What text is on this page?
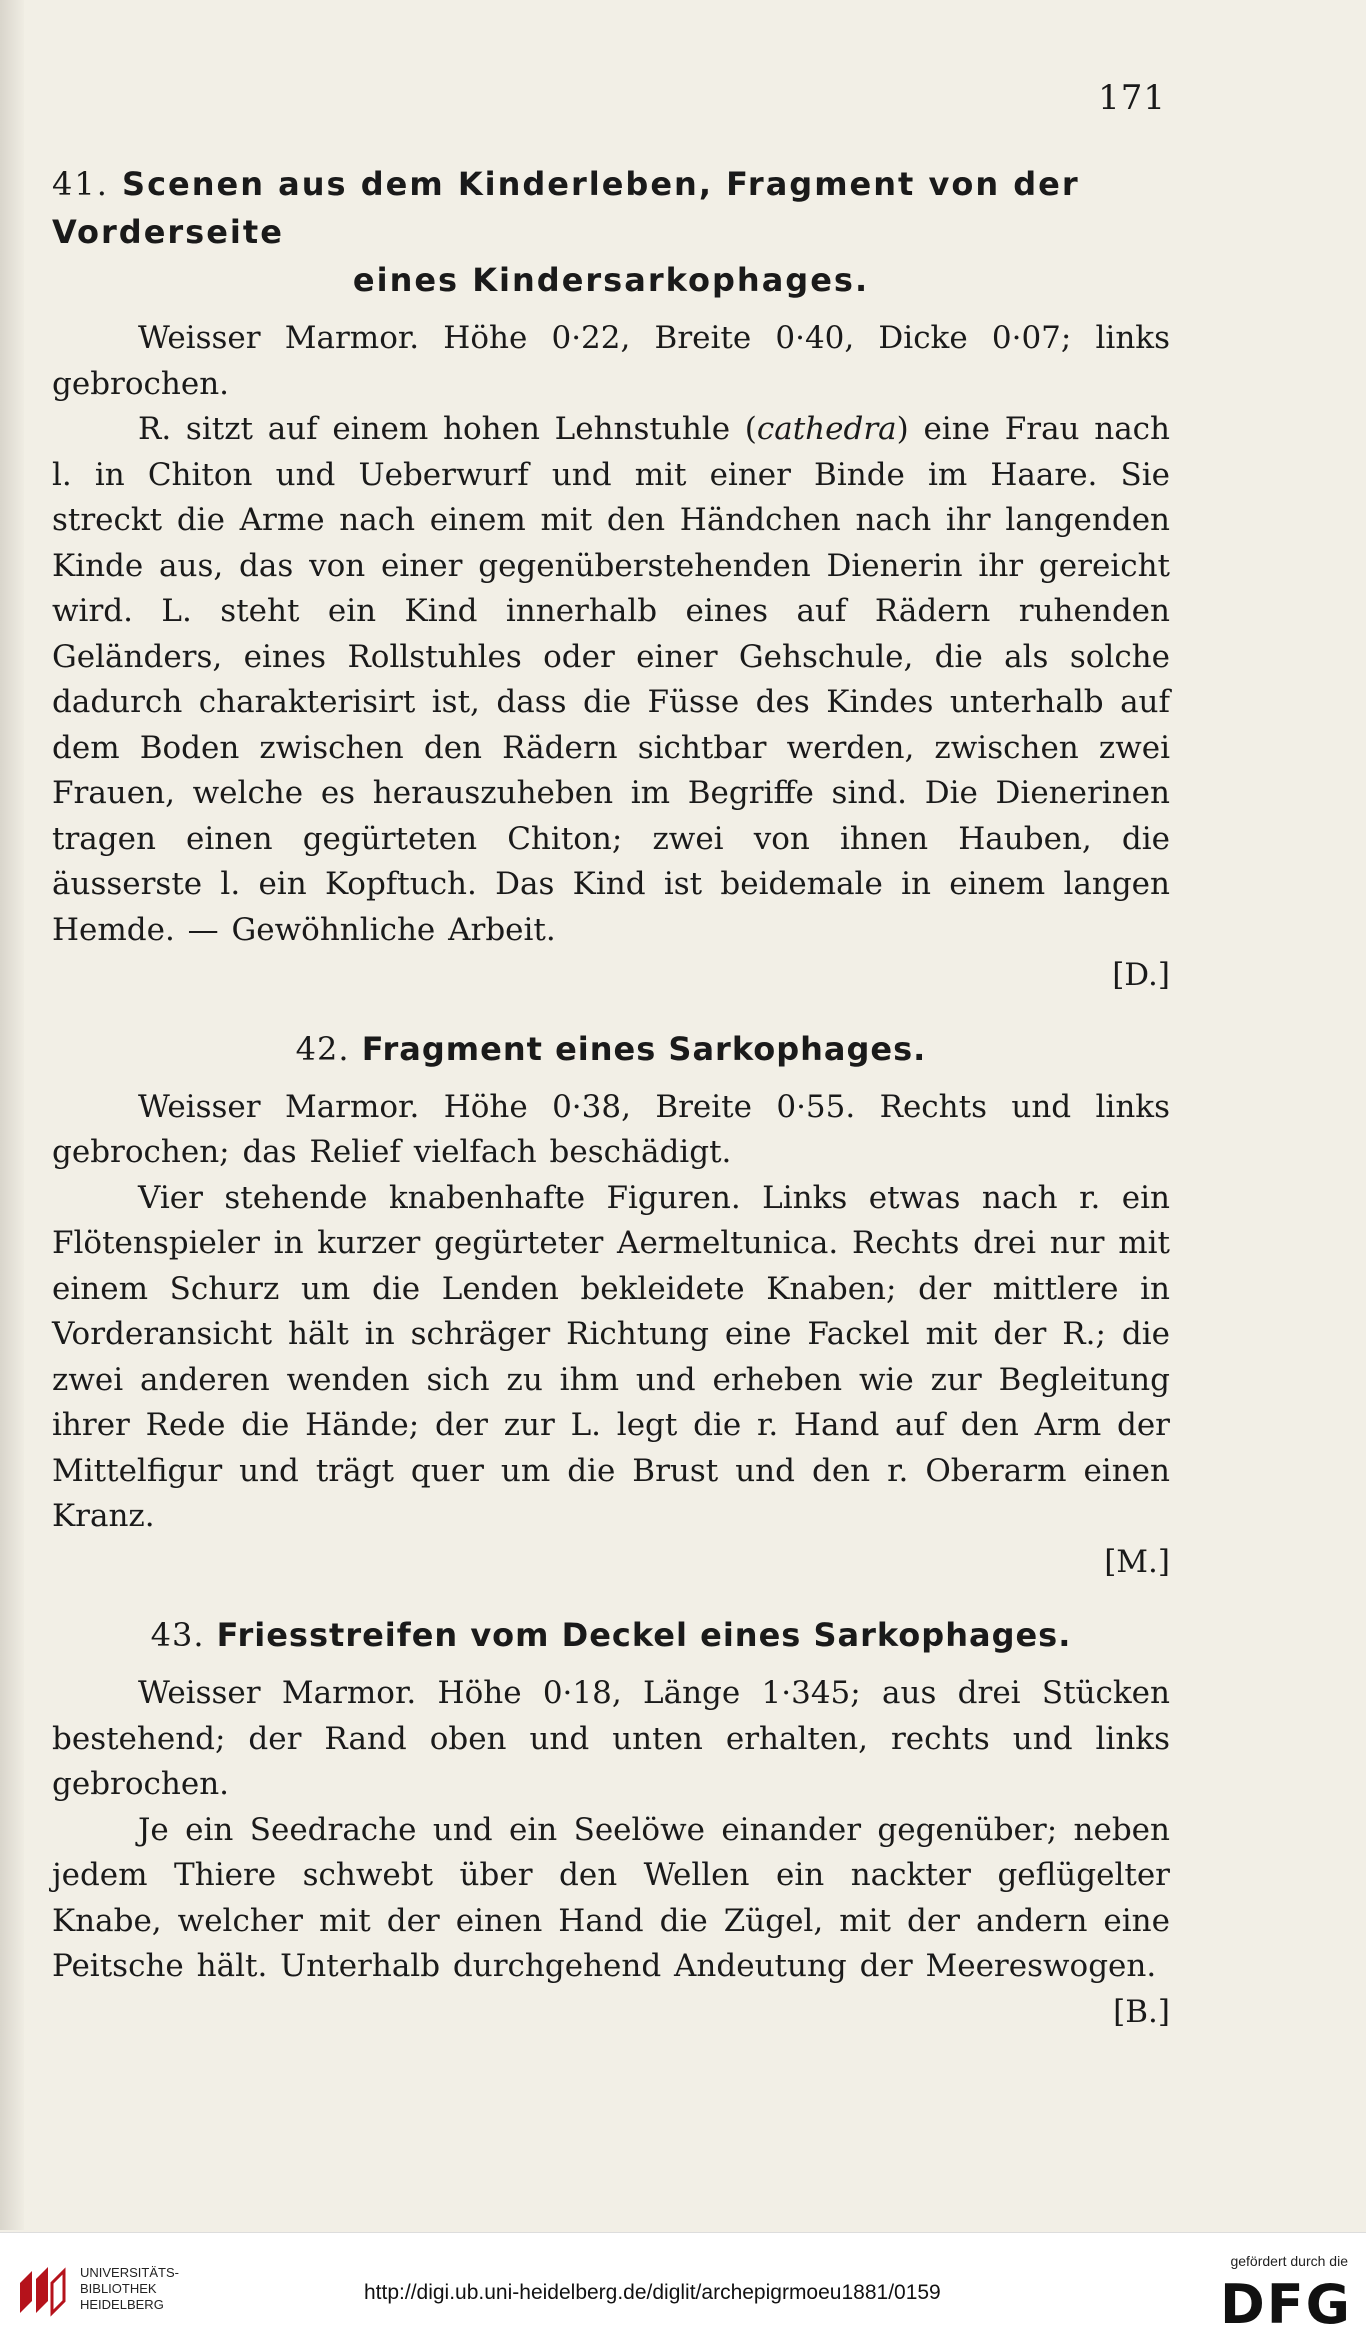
171
41. Scenen aus dem Kinderleben, Fragment von der Vorderseite
eines Kindersarkophages.

Weisser Marmor. Höhe 0·22, Breite 0·40, Dicke 0·07; links gebrochen.

R. sitzt auf einem hohen Lehnstuhle (cathedra) eine Frau nach l. in Chiton und Ueberwurf und mit einer Binde im Haare. Sie streckt die Arme nach einem mit den Händchen nach ihr langenden Kinde aus, das von einer gegenüberstehenden Dienerin ihr gereicht wird. L. steht ein Kind innerhalb eines auf Rädern ruhenden Geländers, eines Rollstuhles oder einer Gehschule, die als solche dadurch charakterisirt ist, dass die Füsse des Kindes unterhalb auf dem Boden zwischen den Rädern sichtbar werden, zwischen zwei Frauen, welche es herauszuheben im Begriffe sind. Die Dienerinen tragen einen gegürteten Chiton; zwei von ihnen Hauben, die äusserste l. ein Kopftuch. Das Kind ist beidemale in einem langen Hemde. — Gewöhnliche Arbeit.
[D.]

42. Fragment eines Sarkophages.

Weisser Marmor. Höhe 0·38, Breite 0·55. Rechts und links gebrochen; das Relief vielfach beschädigt.

Vier stehende knabenhafte Figuren. Links etwas nach r. ein Flötenspieler in kurzer gegürteter Aermeltunica. Rechts drei nur mit einem Schurz um die Lenden bekleidete Knaben; der mittlere in Vorderansicht hält in schräger Richtung eine Fackel mit der R.; die zwei anderen wenden sich zu ihm und erheben wie zur Begleitung ihrer Rede die Hände; der zur L. legt die r. Hand auf den Arm der Mittelfigur und trägt quer um die Brust und den r. Oberarm einen Kranz.
[M.]

43. Friesstreifen vom Deckel eines Sarkophages.

Weisser Marmor. Höhe 0·18, Länge 1·345; aus drei Stücken bestehend; der Rand oben und unten erhalten, rechts und links gebrochen.

Je ein Seedrache und ein Seelöwe einander gegenüber; neben jedem Thiere schwebt über den Wellen ein nackter geflügelter Knabe, welcher mit der einen Hand die Zügel, mit der andern eine Peitsche hält. Unterhalb durchgehend Andeutung der Meereswogen.
[B.]

UNIVERSITÄTS-
BIBLIOTHEK
HEIDELBERG
http://digi.ub.uni-heidelberg.de/diglit/archepigrmoeu1881/0159
gefördert durch die
DFG
